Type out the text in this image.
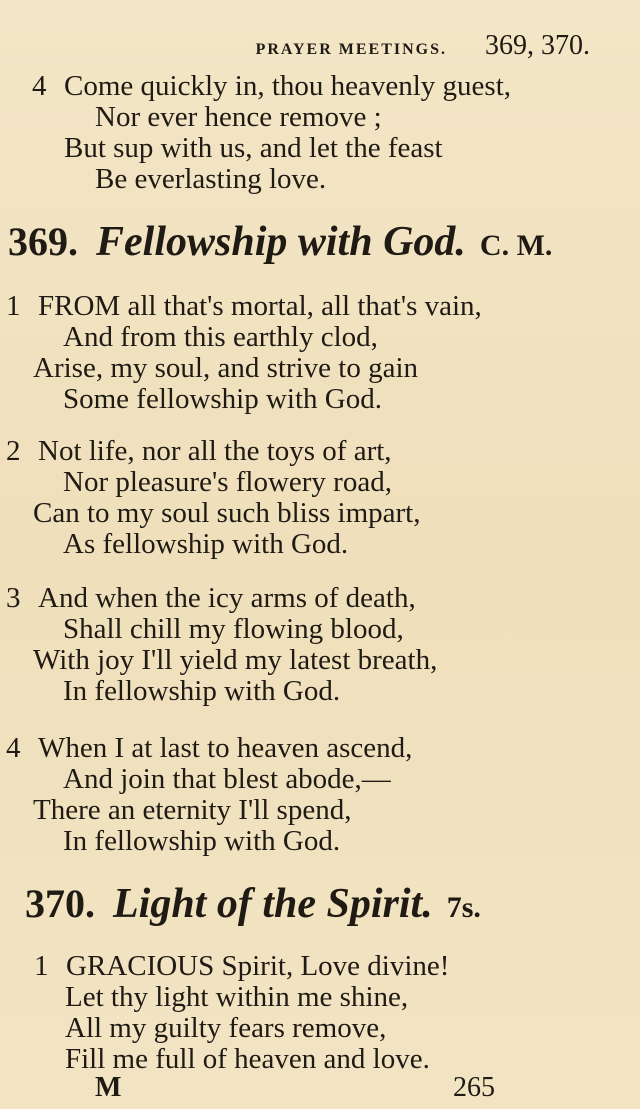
PRAYER MEETINGS. 369, 370.
4 Come quickly in, thou heavenly guest,
Nor ever hence remove ;
But sup with us, and let the feast
Be everlasting love.
369. Fellowship with God. C. M.
1 FROM all that's mortal, all that's vain,
And from this earthly clod,
Arise, my soul, and strive to gain
Some fellowship with God.
2 Not life, nor all the toys of art,
Nor pleasure's flowery road,
Can to my soul such bliss impart,
As fellowship with God.
3 And when the icy arms of death,
Shall chill my flowing blood,
With joy I'll yield my latest breath,
In fellowship with God.
4 When I at last to heaven ascend,
And join that blest abode,—
There an eternity I'll spend,
In fellowship with God.
370. Light of the Spirit. 7s.
1 GRACIOUS Spirit, Love divine!
Let thy light within me shine,
All my guilty fears remove,
Fill me full of heaven and love.
M	265
